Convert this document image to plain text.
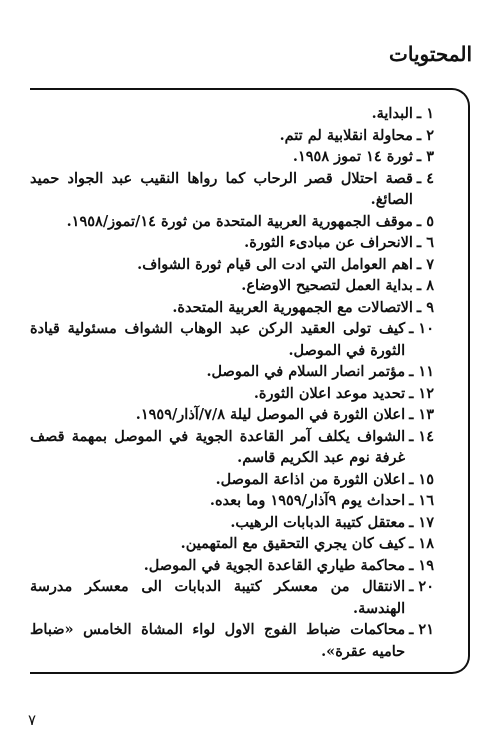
المحتويات
١ ـ
البداية.
٢ ـ
محاولة انقلابية لم تتم.
٣ ـ
ثورة ١٤ تموز ١٩٥٨.
٤ ـ
قصة احتلال قصر الرحاب كما رواها النقيب عبد الجواد حميد الصائغ.
٥ ـ
موقف الجمهورية العربية المتحدة من ثورة ١٤/تموز/١٩٥٨.
٦ ـ
الانحراف عن مبادىء الثورة.
٧ ـ
اهم العوامل التي ادت الى قيام ثورة الشواف.
٨ ـ
بداية العمل لتصحيح الاوضاع.
٩ ـ
الاتصالات مع الجمهورية العربية المتحدة.
١٠ ـ
كيف تولى العقيد الركن عبد الوهاب الشواف مسئولية قيادة الثورة في الموصل.
١١ ـ
مؤتمر انصار السلام في الموصل.
١٢ ـ
تحديد موعد اعلان الثورة.
١٣ ـ
اعلان الثورة في الموصل ليلة ٧/٨/آذار/١٩٥٩.
١٤ ـ
الشواف يكلف آمر القاعدة الجوية في الموصل بمهمة قصف غرفة نوم عبد الكريم قاسم.
١٥ ـ
اعلان الثورة من اذاعة الموصل.
١٦ ـ
احداث يوم ٩آذار/١٩٥٩ وما بعده.
١٧ ـ
معتقل كتيبة الدبابات الرهيب.
١٨ ـ
كيف كان يجري التحقيق مع المتهمين.
١٩ ـ
محاكمة طياري القاعدة الجوية في الموصل.
٢٠ ـ
الانتقال من معسكر كتيبة الدبابات الى معسكر مدرسة الهندسة.
٢١ ـ
محاكمات ضباط الفوج الاول لواء المشاة الخامس «ضباط حاميه عقرة».
٧
